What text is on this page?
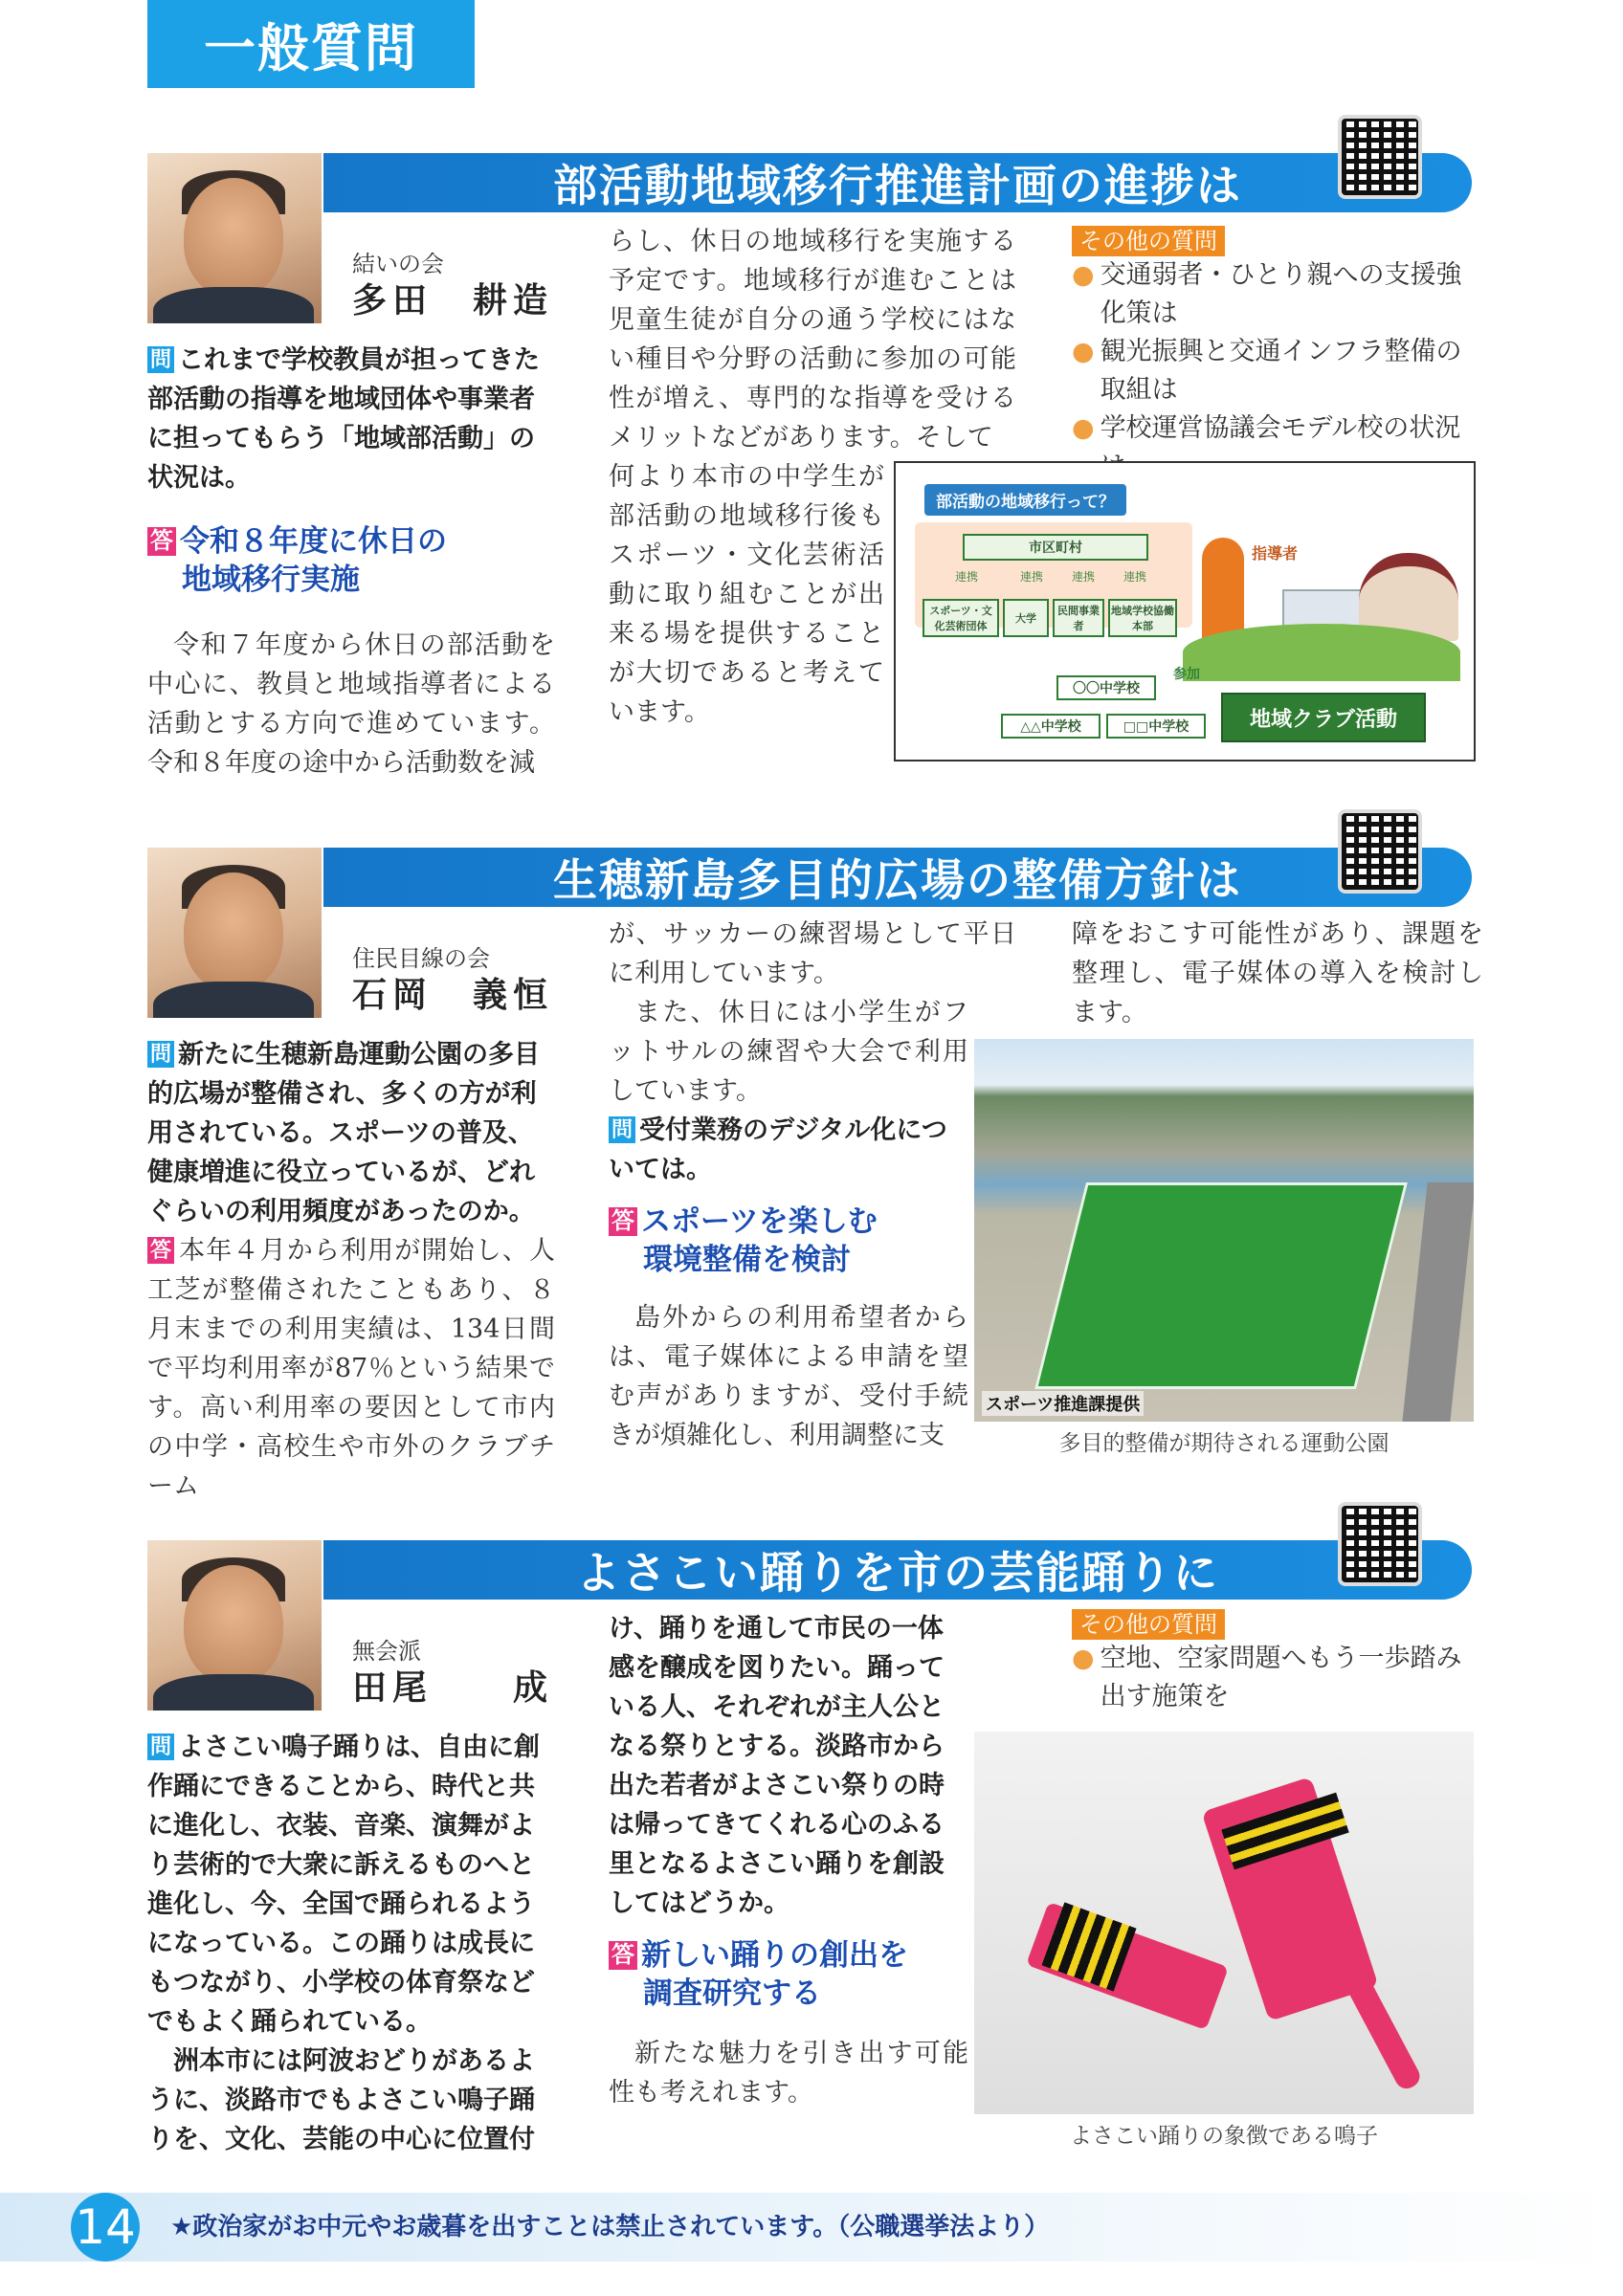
一般質問
部活動地域移行推進計画の進捗は
結いの会
多田　耕造

問 これまで学校教員が担ってきた部活動の指導を地域団体や事業者に担ってもらう「地域部活動」の状況は。

答 令和８年度に休日の
地域移行実施

令和７年度から休日の部活動を中心に、教員と地域指導者による活動とする方向で進めています。令和８年度の途中から活動数を減

らし、休日の地域移行を実施する予定です。地域移行が進むことは児童生徒が自分の通う学校にはない種目や分野の活動に参加の可能性が増え、専門的な指導を受けるメリットなどがあります。そして

何より本市の中学生が部活動の地域移行後もスポーツ・文化芸術活動に取り組むことが出来る場を提供することが大切であると考えています。

その他の質問
● 交通弱者・ひとり親への支援強化策は
● 観光振興と交通インフラ整備の取組は
● 学校運営協議会モデル校の状況
部活動の地域移行って？
市区町村
連携	連携 連携 連携
スポーツ・文化芸術団体
大学
民間事業者
地域学校協働本部
指導者
参加
〇〇中学校
△△中学校	□□中学校	地域クラブ活動
生穂新島多目的広場の整備方針は
住民目線の会
石岡　義恒

問 新たに生穂新島運動公園の多目的広場が整備され、多くの方が利用されている。スポーツの普及、健康増進に役立っているが、どれぐらいの利用頻度があったのか。

答 本年４月から利用が開始し、人工芝が整備されたこともあり、８月末までの利用実績は、134日間で平均利用率が87％という結果です。高い利用率の要因として市内の中学・高校生や市外のクラブチーム

が、サッカーの練習場として平日に利用しています。

また、休日には小学生がフットサルの練習や大会で利用しています。

問 受付業務のデジタル化については。

答 スポーツを楽しむ
環境整備を検討

島外からの利用希望者からは、電子媒体による申請を望む声がありますが、受付手続きが煩雑化し、利用調整に支

障をおこす可能性があり、課題を整理し、電子媒体の導入を検討します。

スポーツ推進課提供
多目的整備が期待される運動公園
よさこい踊りを市の芸能踊りに
無会派
田尾　　成

問 よさこい鳴子踊りは、自由に創作踊にできることから、時代と共に進化し、衣装、音楽、演舞がより芸術的で大衆に訴えるものへと進化し、今、全国で踊られるようになっている。この踊りは成長にもつながり、小学校の体育祭などでもよく踊られている。

洲本市には阿波おどりがあるように、淡路市でもよさこい鳴子踊りを、文化、芸能の中心に位置付

け、踊りを通して市民の一体感を醸成を図りたい。踊っている人、それぞれが主人公となる祭りとする。淡路市から出た若者がよさこい祭りの時は帰ってきてくれる心のふる里となるよさこい踊りを創設してはどうか。

答 新しい踊りの創出を
調査研究する

新たな魅力を引き出す可能性も考えれます。

その他の質問
● 空地、空家問題へもう一歩踏み出す施策を
よさこい踊りの象徴である鳴子
14 ★政治家がお中元やお歳暮を出すことは禁止されています。（公職選挙法より）
